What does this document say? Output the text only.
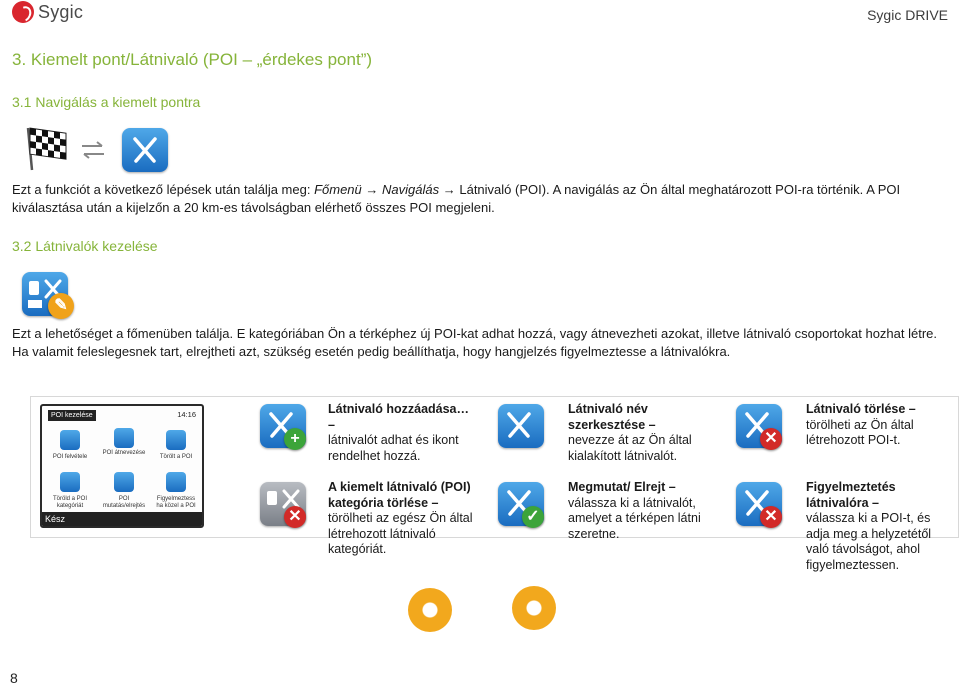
Sygic	Sygic DRIVE
3. Kiemelt pont/Látnivaló (POI – „érdekes pont”)
3.1 Navigálás a kiemelt pontra

Ezt a funkciót a következő lépések után találja meg: Főmenü → Navigálás → Látnivaló (POI). A navigálás az Ön által meghatározott POI-ra történik. A POI kiválasztása után a kijelzőn a 20 km-es távolságban elérhető összes POI megjeleni.

3.2 Látnivalók kezelése
✎

Ezt a lehetőséget a főmenüben találja. E kategóriában Ön a térképhez új POI-kat adhat hozzá, vagy átnevezheti azokat, illetve látnivaló csoportokat hozhat létre. Ha valamit feleslegesnek tart, elrejtheti azt, szükség esetén pedig beállíthatja, hogy hangjelzés figyelmeztesse a látnivalókra.

POI kezelése	14:16
POI felvétele
POI átnevezése
Törölt a POI
Töröld a POI kategóriát
POI mutatás/elrejtés
Figyelmeztess ha közel a POI
Kész
+
Látnivaló hozzáadása… –
látnivalót adhat és ikont rendelhet hozzá.
Látnivaló név szerkesztése –
nevezze át az Ön által kialakított látnivalót.
✕
Látnivaló törlése –
törölheti az Ön által létrehozott POI-t.
✕
A kiemelt látnivaló (POI) kategória törlése –
törölheti az egész Ön által létrehozott látnivaló kategóriát.
✓
Megmutat/ Elrejt –
válassza ki a látnivalót, amelyet a térképen látni szeretne.
✕
Figyelmeztetés látnivalóra –
válassza ki a POI-t, és adja meg a helyzetétől való távolságot, ahol figyelmeztessen.
8
